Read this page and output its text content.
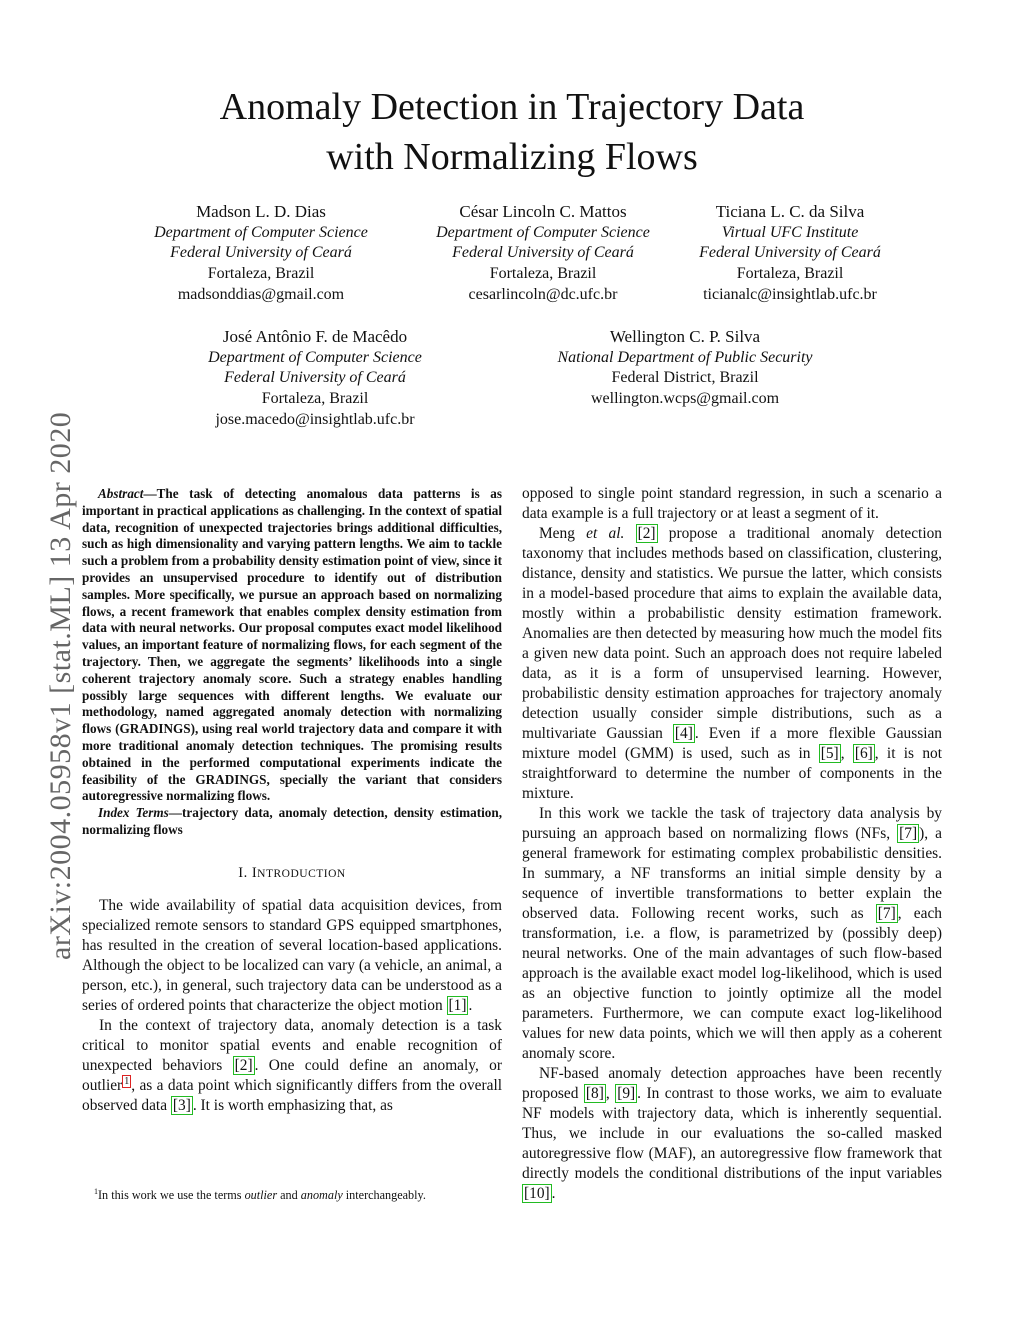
arXiv:2004.05958v1 [stat.ML] 13 Apr 2020
Anomaly Detection in Trajectory Data
with Normalizing Flows
Madson L. D. Dias
Department of Computer Science
Federal University of Ceará
Fortaleza, Brazil
madsonddias@gmail.com
César Lincoln C. Mattos
Department of Computer Science
Federal University of Ceará
Fortaleza, Brazil
cesarlincoln@dc.ufc.br
Ticiana L. C. da Silva
Virtual UFC Institute
Federal University of Ceará
Fortaleza, Brazil
ticianalc@insightlab.ufc.br
José Antônio F. de Macêdo
Department of Computer Science
Federal University of Ceará
Fortaleza, Brazil
jose.macedo@insightlab.ufc.br
Wellington C. P. Silva
National Department of Public Security
Federal District, Brazil
wellington.wcps@gmail.com
Abstract—The task of detecting anomalous data patterns is as important in practical applications as challenging. In the context of spatial data, recognition of unexpected trajectories brings additional difficulties, such as high dimensionality and varying pattern lengths. We aim to tackle such a problem from a probability density estimation point of view, since it provides an unsupervised procedure to identify out of distribution samples. More specifically, we pursue an approach based on normalizing flows, a recent framework that enables complex density estimation from data with neural networks. Our proposal computes exact model likelihood values, an important feature of normalizing flows, for each segment of the trajectory. Then, we aggregate the segments’ likelihoods into a single coherent trajectory anomaly score. Such a strategy enables handling possibly large sequences with different lengths. We evaluate our methodology, named aggregated anomaly detection with normalizing flows (GRADINGS), using real world trajectory data and compare it with more traditional anomaly detection techniques. The promising results obtained in the performed computational experiments indicate the feasibility of the GRADINGS, specially the variant that considers autoregressive normalizing flows.
Index Terms—trajectory data, anomaly detection, density estimation, normalizing flows
I. INTRODUCTION

The wide availability of spatial data acquisition devices, from specialized remote sensors to standard GPS equipped smartphones, has resulted in the creation of several location-based applications. Although the object to be localized can vary (a vehicle, an animal, a person, etc.), in general, such trajectory data can be understood as a series of ordered points that characterize the object motion [1] .

In the context of trajectory data, anomaly detection is a task critical to monitor spatial events and enable recognition of unexpected behaviors [2] . One could define an anomaly, or outlier $^1$ , as a data point which significantly differs from the overall observed data [3] . It is worth emphasizing that, as

$^1$In this work we use the terms outlier and anomaly interchangeably.

opposed to single point standard regression, in such a scenario a data example is a full trajectory or at least a segment of it.

Meng et al. [2] propose a traditional anomaly detection taxonomy that includes methods based on classification, clustering, distance, density and statistics. We pursue the latter, which consists in a model-based procedure that aims to explain the available data, mostly within a probabilistic density estimation framework. Anomalies are then detected by measuring how much the model fits a given new data point. Such an approach does not require labeled data, as it is a form of unsupervised learning. However, probabilistic density estimation approaches for trajectory anomaly detection usually consider simple distributions, such as a multivariate Gaussian [4] . Even if a more flexible Gaussian mixture model (GMM) is used, such as in [5] , [6] , it is not straightforward to determine the number of components in the mixture.

In this work we tackle the task of trajectory data analysis by pursuing an approach based on normalizing flows (NFs, [7] ), a general framework for estimating complex probabilistic densities. In summary, a NF transforms an initial simple density by a sequence of invertible transformations to better explain the observed data. Following recent works, such as [7] , each transformation, i.e. a flow, is parametrized by (possibly deep) neural networks. One of the main advantages of such flow-based approach is the available exact model log-likelihood, which is used as an objective function to jointly optimize all the model parameters. Furthermore, we can compute exact log-likelihood values for new data points, which we will then apply as a coherent anomaly score.

NF-based anomaly detection approaches have been recently proposed [8] , [9] . In contrast to those works, we aim to evaluate NF models with trajectory data, which is inherently sequential. Thus, we include in our evaluations the so-called masked autoregressive flow (MAF), an autoregressive flow framework that directly models the conditional distributions of the input variables [10] .
